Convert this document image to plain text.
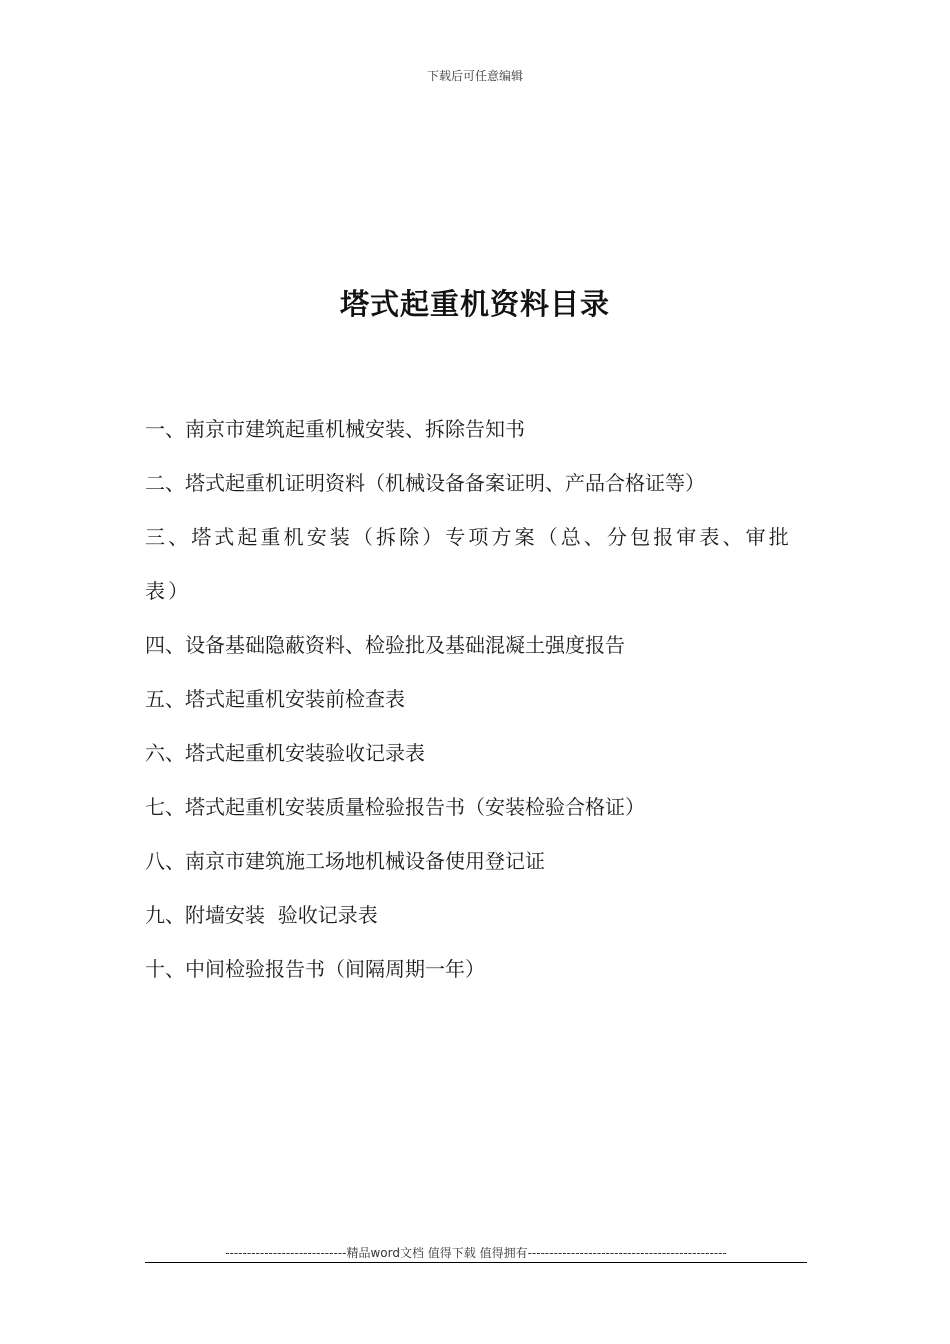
下载后可任意编辑
塔式起重机资料目录
一、南京市建筑起重机械安装、拆除告知书
二、塔式起重机证明资料（机械设备备案证明、产品合格证等）
三、塔式起重机安装（拆除）专项方案（总、分包报审表、审批表）
四、设备基础隐蔽资料、检验批及基础混凝土强度报告
五、塔式起重机安装前检查表
六、塔式起重机安装验收记录表
七、塔式起重机安装质量检验报告书（安装检验合格证）
八、南京市建筑施工场地机械设备使用登记证
九、附墙安装  验收记录表
十、中间检验报告书（间隔周期一年）
----------------------------精品word文档 值得下载 值得拥有----------------------------------------------
